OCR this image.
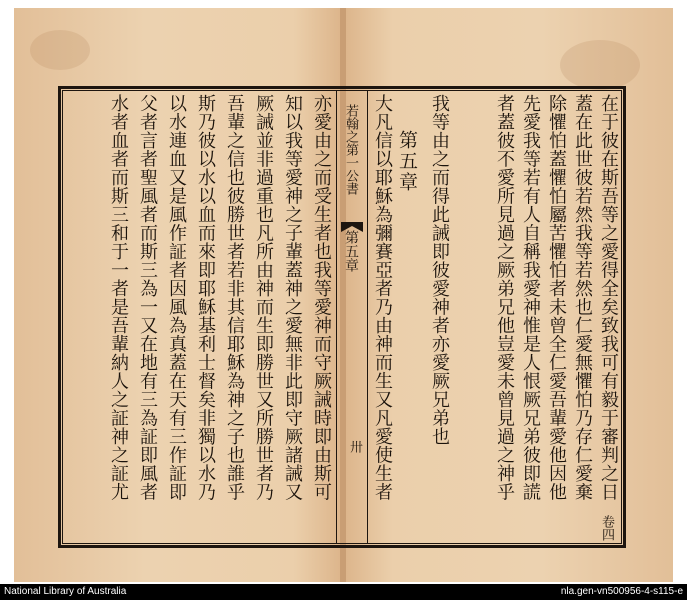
在于彼在斯吾等之愛得全矣致我可有毅于審判之日
蓋在此世彼若然我等若然也仁愛無懼怕乃存仁愛棄
除懼怕蓋懼怕屬苦懼怕者未曾全仁愛吾輩愛他因他
先愛我等若有人自稱我愛神惟是人恨厥兄弟彼即謊
者蓋彼不愛所見過之厥弟兄他豈愛未曾見過之神乎
我等由之而得此誡即彼愛神者亦愛厥兄弟也
第五章
大凡信以耶穌為彌賽亞者乃由神而生又凡愛使生者
若翰之第一公書
第五章
卅
亦愛由之而受生者也我等愛神而守厥誡時即由斯可
知以我等愛神之子輩蓋神之愛無非此即守厥諸誡又
厥誡並非過重也凡所由神而生即勝世又所勝世者乃
吾輩之信也彼勝世者若非其信耶穌為神之子也誰乎
斯乃彼以水以血而來即耶穌基利士督矣非獨以水乃
以水連血又是風作証者因風為真蓋在天有三作証即
父者言者聖風者而斯三為一又在地有三為証即風者
水者血者而斯三和于一者是吾輩納人之証神之証尤
卷四
National Library of Australia	nla.gen-vn500956-4-s115-e
